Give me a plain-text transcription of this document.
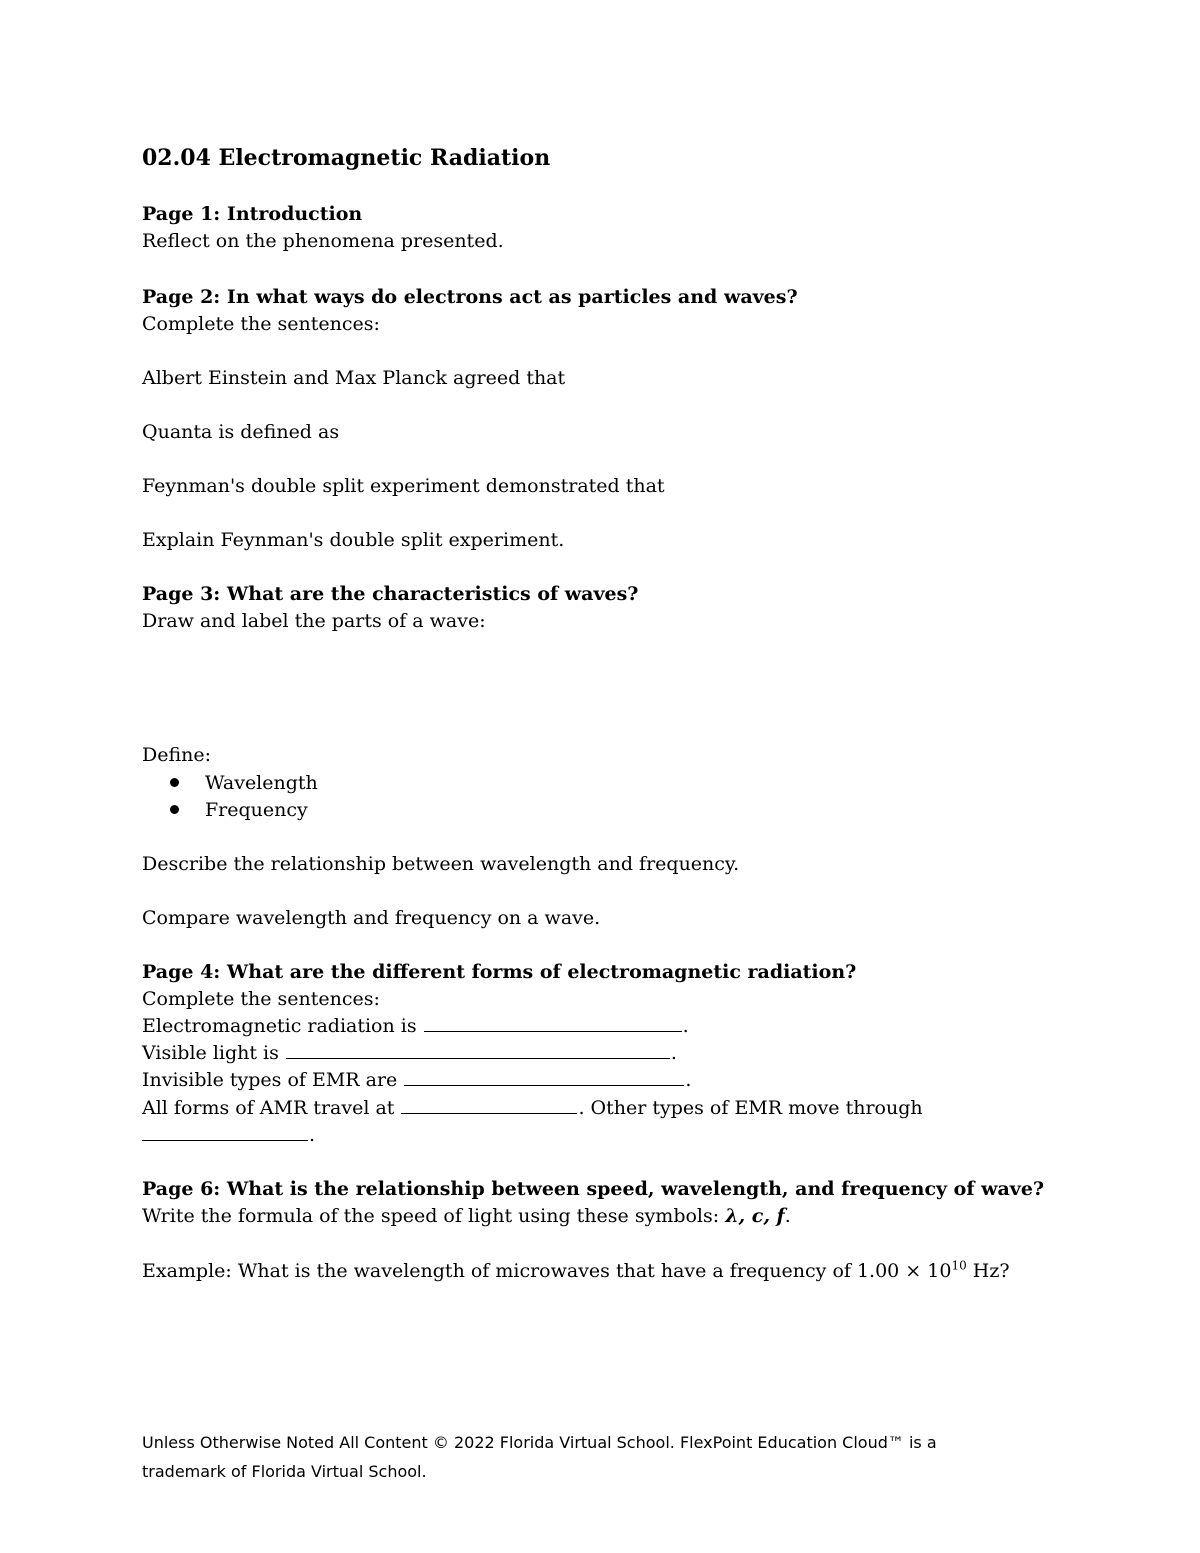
02.04 Electromagnetic Radiation

Page 1: Introduction

Reflect on the phenomena presented.

Page 2: In what ways do electrons act as particles and waves?

Complete the sentences:

Albert Einstein and Max Planck agreed that

Quanta is defined as

Feynman's double split experiment demonstrated that

Explain Feynman's double split experiment.

Page 3: What are the characteristics of waves?

Draw and label the parts of a wave:

Define:

Wavelength

Frequency

Describe the relationship between wavelength and frequency.

Compare wavelength and frequency on a wave.

Page 4: What are the different forms of electromagnetic radiation?

Complete the sentences:

Electromagnetic radiation is	.

Visible light is	.

Invisible types of EMR are	.

All forms of AMR travel at	. Other types of EMR move through

.

Page 6: What is the relationship between speed, wavelength, and frequency of wave?

Write the formula of the speed of light using these symbols: λ, c, f.

Example: What is the wavelength of microwaves that have a frequency of $1.00 \times 10^{10}$ Hz?

Unless Otherwise Noted All Content © 2022 Florida Virtual School. FlexPoint Education Cloud™ is a
trademark of Florida Virtual School.
